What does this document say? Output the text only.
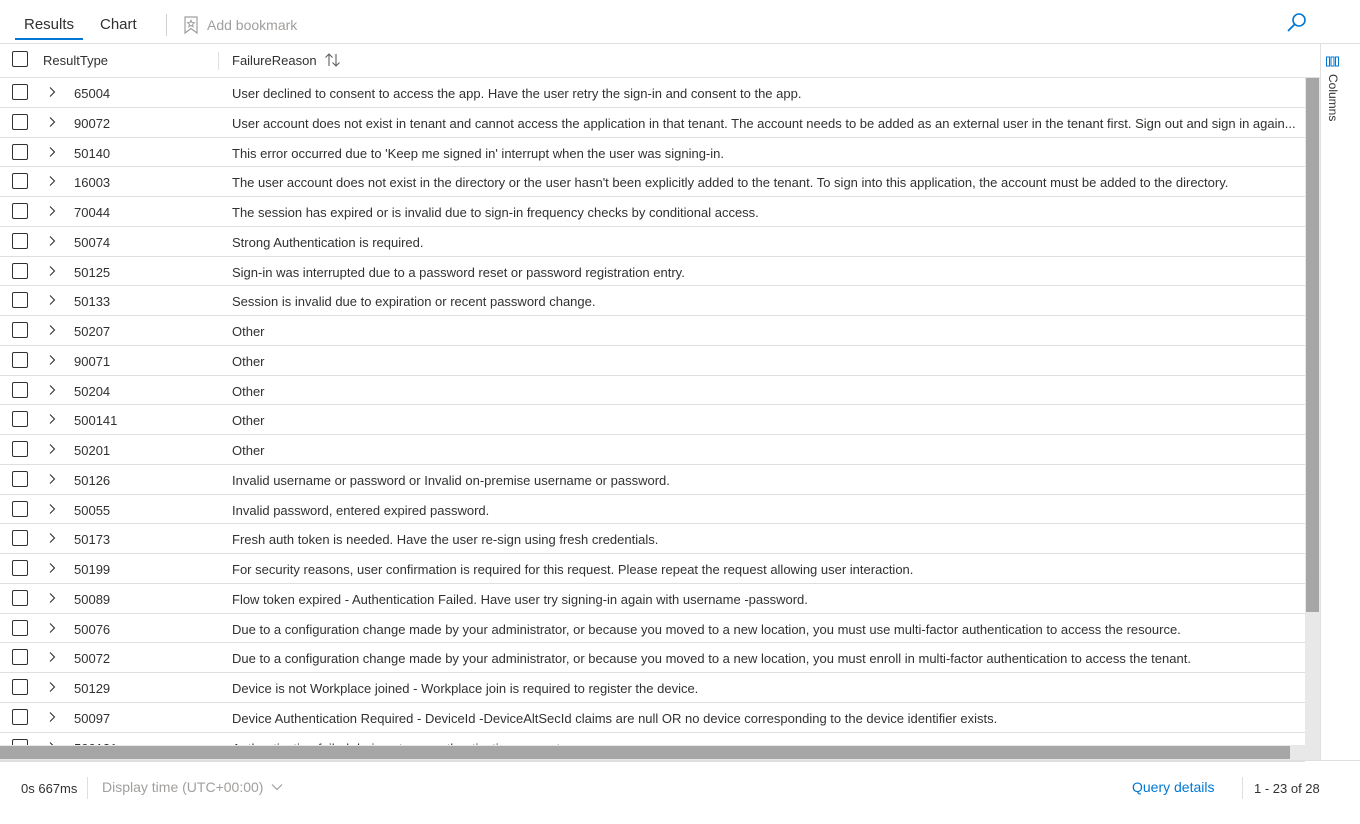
Results Chart	Add bookmark
ResultType	FailureReason
65004	User declined to consent to access the app. Have the user retry the sign-in and consent to the app.
90072	User account does not exist in tenant and cannot access the application in that tenant. The account needs to be added as an external user in the tenant first. Sign out and sign in again...
50140	This error occurred due to 'Keep me signed in' interrupt when the user was signing-in.
16003	The user account does not exist in the directory or the user hasn't been explicitly added to the tenant. To sign into this application, the account must be added to the directory.
70044	The session has expired or is invalid due to sign-in frequency checks by conditional access.
50074	Strong Authentication is required.
50125	Sign-in was interrupted due to a password reset or password registration entry.
50133	Session is invalid due to expiration or recent password change.
50207	Other
90071	Other
50204	Other
500141	Other
50201	Other
50126	Invalid username or password or Invalid on-premise username or password.
50055	Invalid password, entered expired password.
50173	Fresh auth token is needed. Have the user re-sign using fresh credentials.
50199	For security reasons, user confirmation is required for this request. Please repeat the request allowing user interaction.
50089	Flow token expired - Authentication Failed. Have user try signing-in again with username -password.
50076	Due to a configuration change made by your administrator, or because you moved to a new location, you must use multi-factor authentication to access the resource.
50072	Due to a configuration change made by your administrator, or because you moved to a new location, you must enroll in multi-factor authentication to access the tenant.
50129	Device is not Workplace joined - Workplace join is required to register the device.
50097	Device Authentication Required - DeviceId -DeviceAltSecId claims are null OR no device corresponding to the device identifier exists.
Columns
0s 667ms Display time (UTC+00:00)	Query details	1 - 23 of 28
